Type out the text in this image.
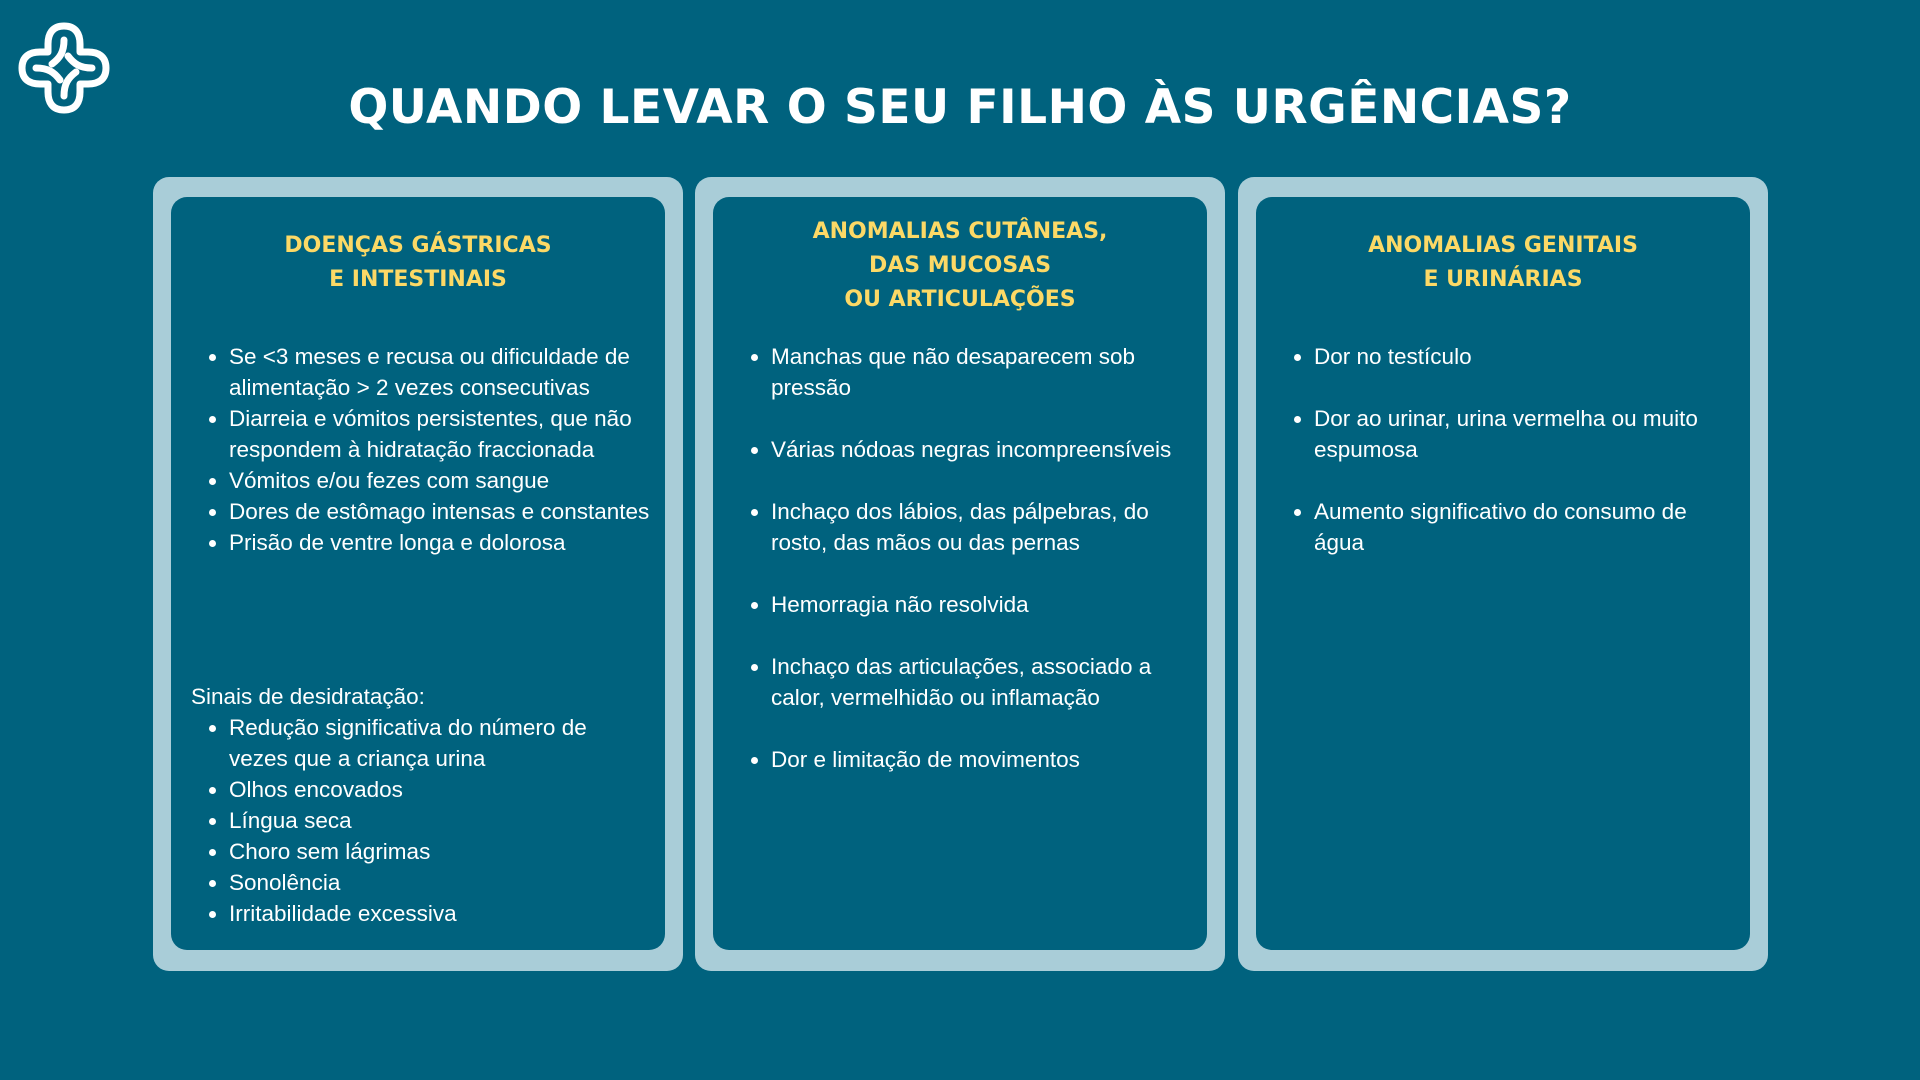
QUANDO LEVAR O SEU FILHO ÀS URGÊNCIAS?
DOENÇAS GÁSTRICAS
E INTESTINAIS
• Se <3 meses e recusa ou dificuldade de alimentação > 2 vezes consecutivas
• Diarreia e vómitos persistentes, que não respondem à hidratação fraccionada
• Vómitos e/ou fezes com sangue
• Dores de estômago intensas e constantes
• Prisão de ventre longa e dolorosa

Sinais de desidratação:

• Redução significativa do número de vezes que a criança urina
• Olhos encovados
• Língua seca
• Choro sem lágrimas
• Sonolência
• Irritabilidade excessiva
ANOMALIAS CUTÂNEAS,
DAS MUCOSAS
OU ARTICULAÇÕES
• Manchas que não desaparecem sob pressão
• Várias nódoas negras incompreensíveis
• Inchaço dos lábios, das pálpebras, do rosto, das mãos ou das pernas
• Hemorragia não resolvida
• Inchaço das articulações, associado a calor, vermelhidão ou inflamação
• Dor e limitação de movimentos
ANOMALIAS GENITAIS
E URINÁRIAS
• Dor no testículo
• Dor ao urinar, urina vermelha ou muito espumosa
• Aumento significativo do consumo de água
